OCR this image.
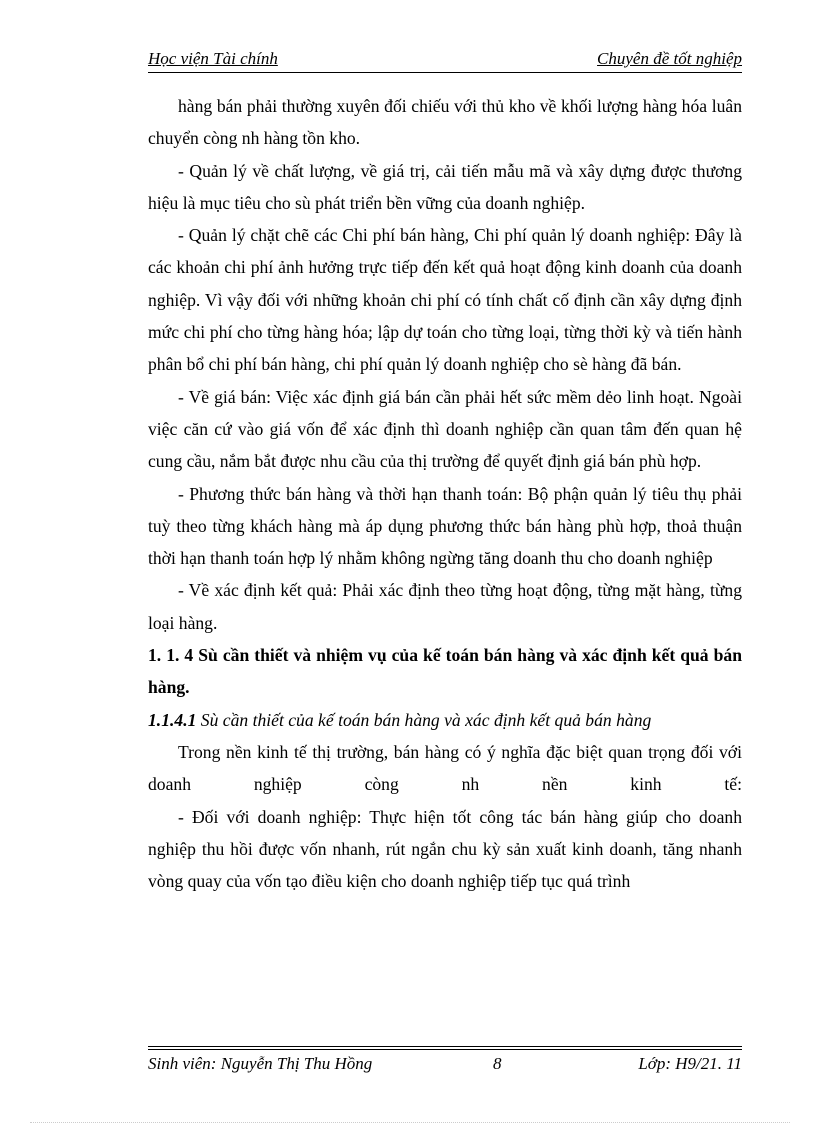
Học viện Tài chính	Chuyên đề tốt nghiệp

hàng bán phải thường xuyên đối chiếu với thủ kho về khối lượng hàng hóa luân chuyển còng nh hàng tồn kho.

- Quản lý về chất lượng, về giá trị, cải tiến mẫu mã và xây dựng được thương hiệu là mục tiêu cho sù phát triển bền vững của doanh nghiệp.

- Quản lý chặt chẽ các Chi phí bán hàng, Chi phí quản lý doanh nghiệp: Đây là các khoản chi phí ảnh hưởng trực tiếp đến kết quả hoạt động kinh doanh của doanh nghiệp. Vì vậy đối với những khoản chi phí có tính chất cố định cần xây dựng định mức chi phí cho từng hàng hóa; lập dự toán cho từng loại, từng thời kỳ và tiến hành phân bổ chi phí bán hàng, chi phí quản lý doanh nghiệp cho sè hàng đã bán.

- Về giá bán: Việc xác định giá bán cần phải hết sức mềm dẻo linh hoạt. Ngoài việc căn cứ vào giá vốn để xác định thì doanh nghiệp cần quan tâm đến quan hệ cung cầu, nắm bắt được nhu cầu của thị trường để quyết định giá bán phù hợp.

- Phương thức bán hàng và thời hạn thanh toán: Bộ phận quản lý tiêu thụ phải tuỳ theo từng khách hàng mà áp dụng phương thức bán hàng phù hợp, thoả thuận thời hạn thanh toán hợp lý nhằm không ngừng tăng doanh thu cho doanh nghiệp

- Về xác định kết quả: Phải xác định theo từng hoạt động, từng mặt hàng, từng loại hàng.

1. 1. 4 Sù cần thiết và nhiệm vụ của kế toán bán hàng và xác định kết quả bán hàng.

1.1.4.1 Sù cần thiết của kế toán bán hàng và xác định kết quả bán hàng

Trong nền kinh tế thị trường, bán hàng có ý nghĩa đặc biệt quan trọng đối với doanh nghiệp còng nh nền kinh tế:

- Đối với doanh nghiệp: Thực hiện tốt công tác bán hàng giúp cho doanh nghiệp thu hồi được vốn nhanh, rút ngắn chu kỳ sản xuất kinh doanh, tăng nhanh vòng quay của vốn tạo điều kiện cho doanh nghiệp tiếp tục quá trình

Sinh viên: Nguyễn Thị Thu Hồng	8	Lớp: H9/21. 11
